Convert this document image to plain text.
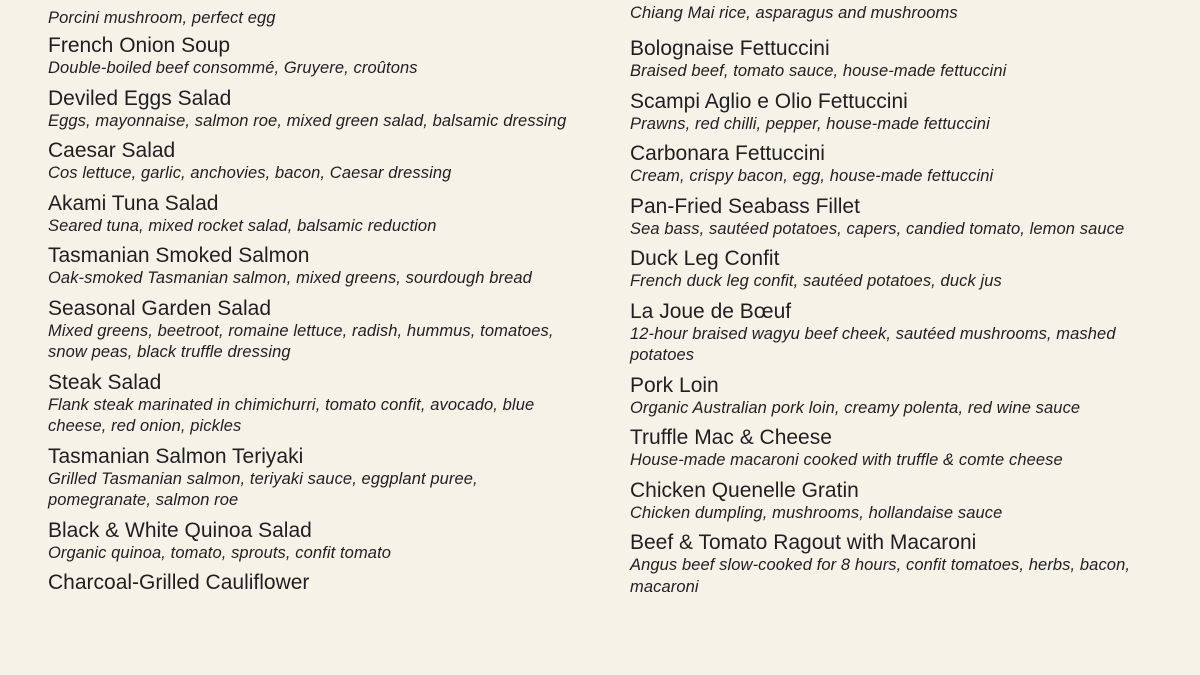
Porcini mushroom, perfect egg
French Onion Soup
Double-boiled beef consommé, Gruyere, croûtons
Deviled Eggs Salad
Eggs, mayonnaise, salmon roe, mixed green salad, balsamic dressing
Caesar Salad
Cos lettuce, garlic, anchovies, bacon, Caesar dressing
Akami Tuna Salad
Seared tuna, mixed rocket salad, balsamic reduction
Tasmanian Smoked Salmon
Oak-smoked Tasmanian salmon, mixed greens, sourdough bread
Seasonal Garden Salad
Mixed greens, beetroot, romaine lettuce, radish, hummus, tomatoes, snow peas, black truffle dressing
Steak Salad
Flank steak marinated in chimichurri, tomato confit, avocado, blue cheese, red onion, pickles
Tasmanian Salmon Teriyaki
Grilled Tasmanian salmon, teriyaki sauce, eggplant puree, pomegranate, salmon roe
Black & White Quinoa Salad
Organic quinoa, tomato, sprouts, confit tomato
Charcoal-Grilled Cauliflower
Chiang Mai rice, asparagus and mushrooms
Bolognaise Fettuccini
Braised beef, tomato sauce, house-made fettuccini
Scampi Aglio e Olio Fettuccini
Prawns, red chilli, pepper, house-made fettuccini
Carbonara Fettuccini
Cream, crispy bacon, egg, house-made fettuccini
Pan-Fried Seabass Fillet
Sea bass, sautéed potatoes, capers, candied tomato, lemon sauce
Duck Leg Confit
French duck leg confit, sautéed potatoes, duck jus
La Joue de Bœuf
12-hour braised wagyu beef cheek, sautéed mushrooms, mashed potatoes
Pork Loin
Organic Australian pork loin, creamy polenta, red wine sauce
Truffle Mac & Cheese
House-made macaroni cooked with truffle & comte cheese
Chicken Quenelle Gratin
Chicken dumpling, mushrooms, hollandaise sauce
Beef & Tomato Ragout with Macaroni
Angus beef slow-cooked for 8 hours, confit tomatoes, herbs, bacon, macaroni
